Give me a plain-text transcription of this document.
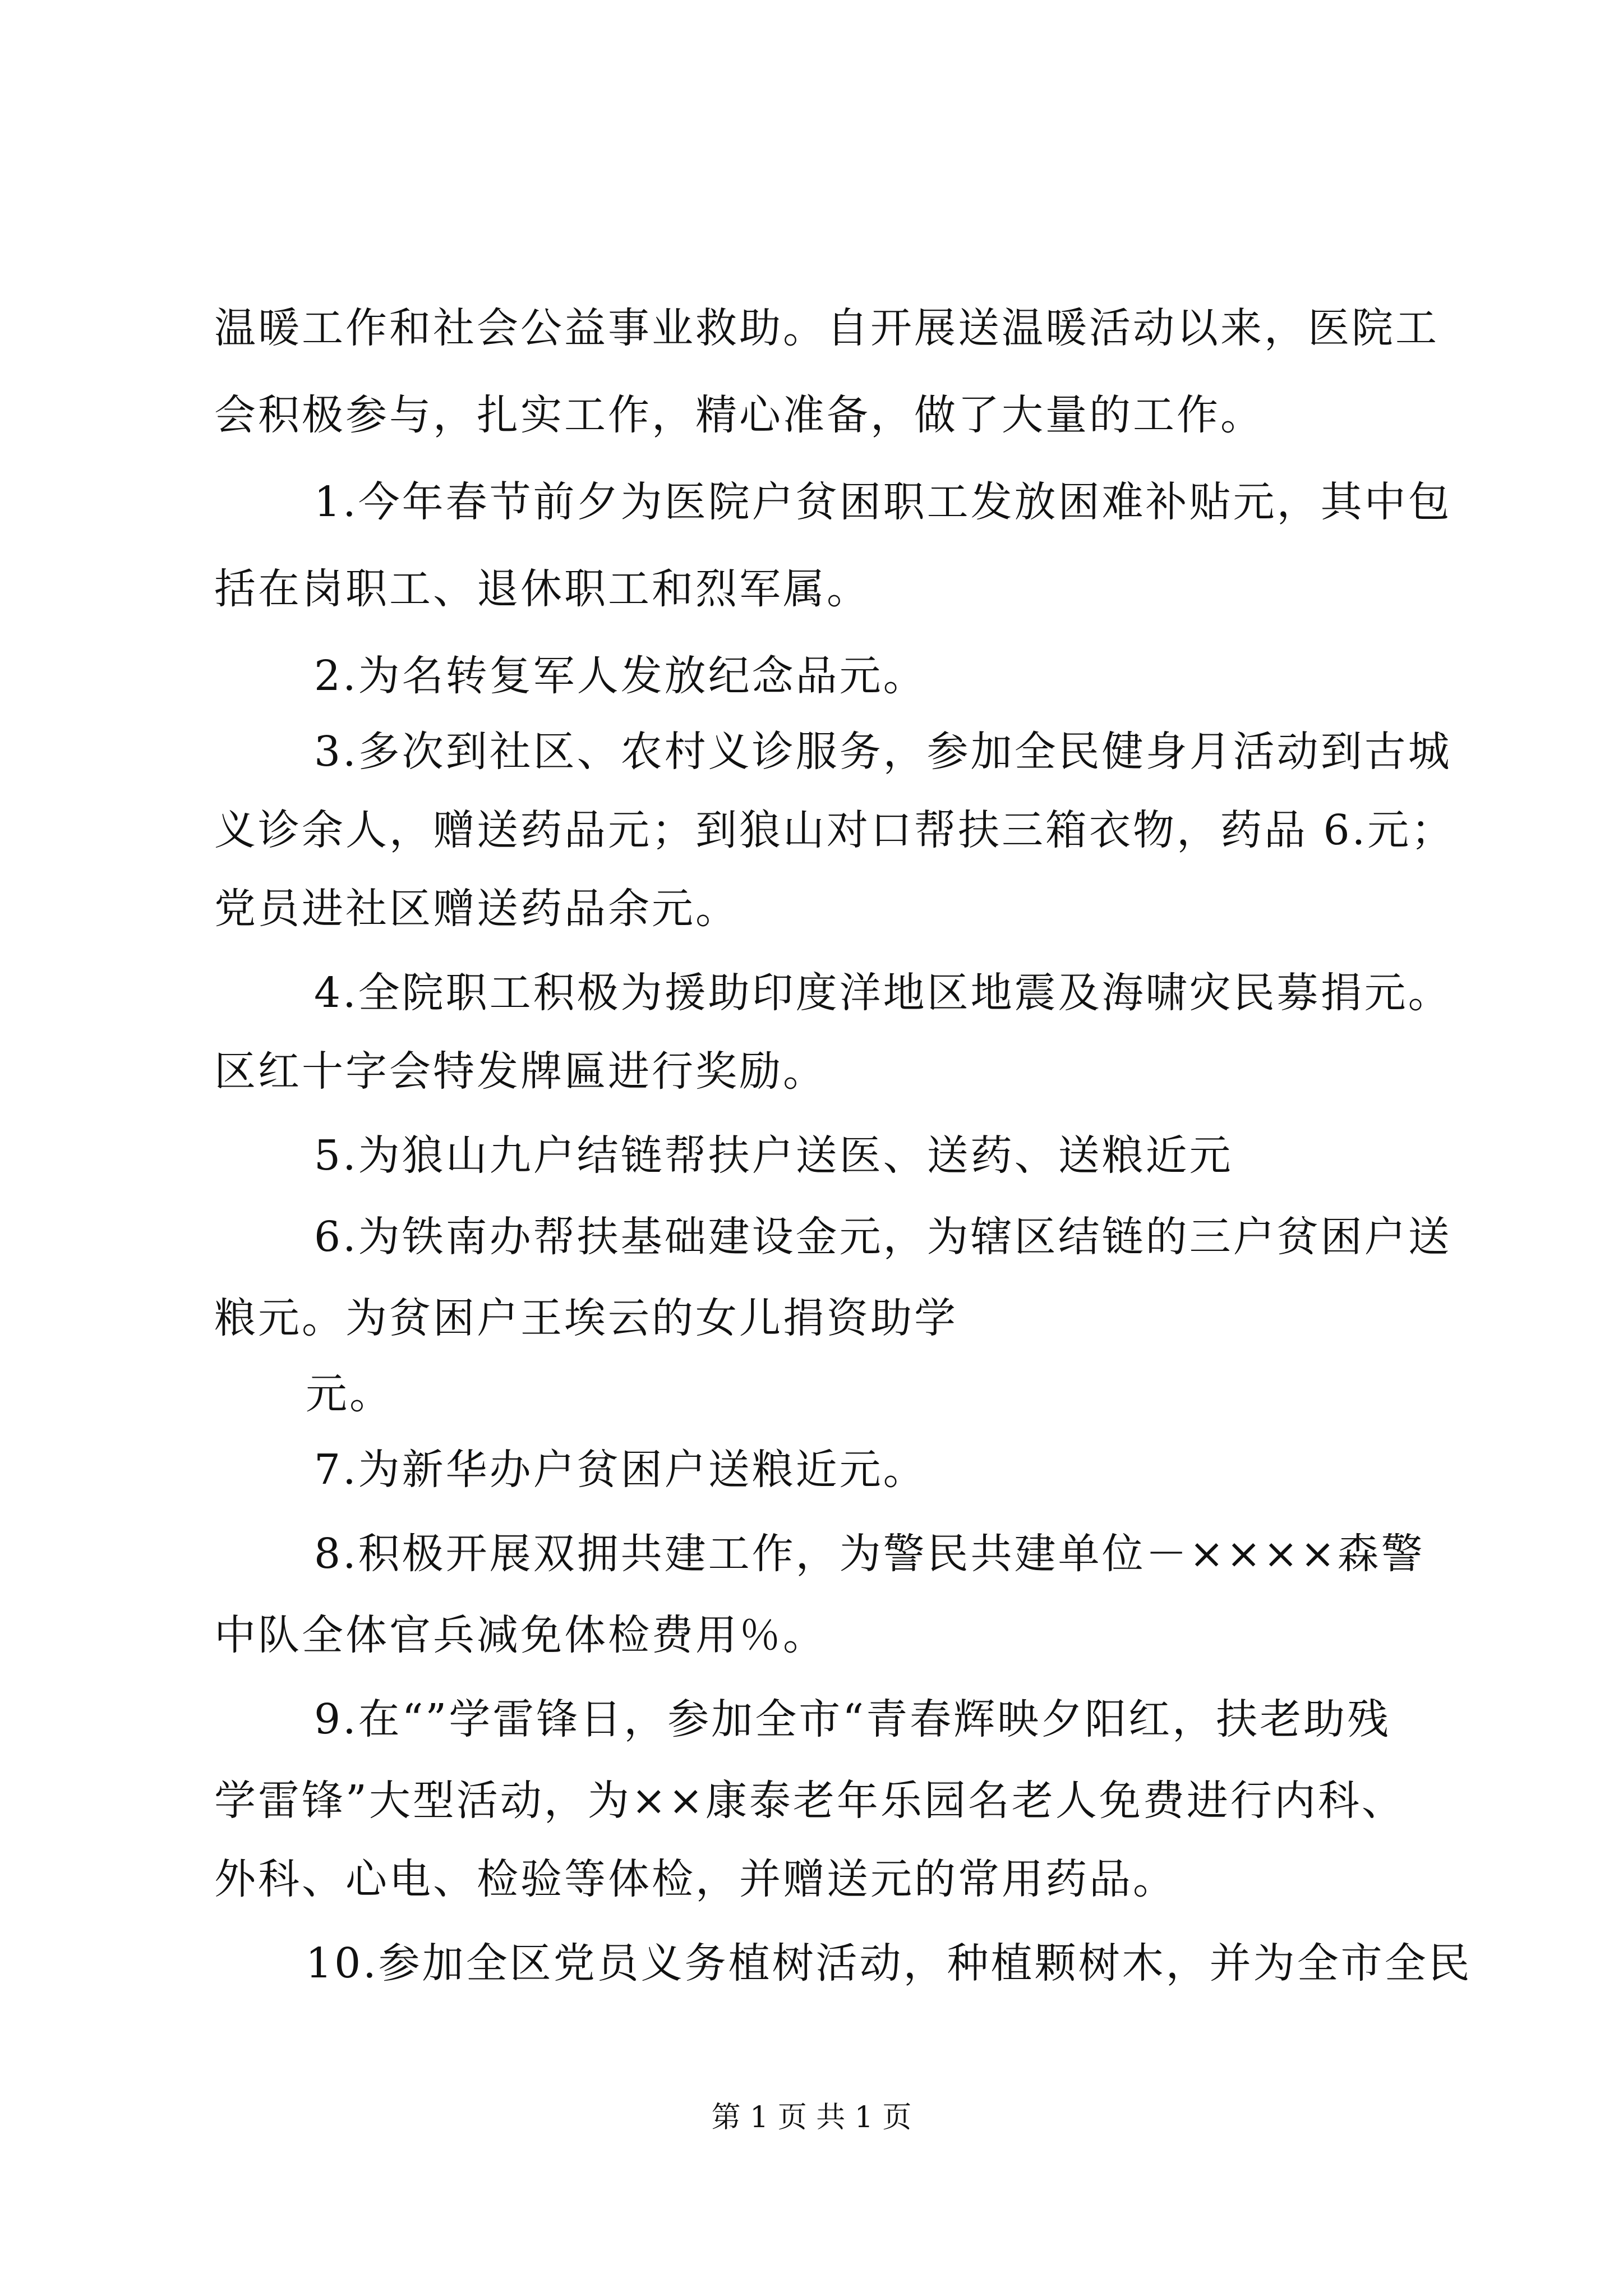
温暖工作和社会公益事业救助。自开展送温暖活动以来，医院工
会积极参与，扎实工作，精心准备，做了大量的工作。
1.今年春节前夕为医院户贫困职工发放困难补贴元，其中包
括在岗职工、退休职工和烈军属。
2.为名转复军人发放纪念品元。
3.多次到社区、农村义诊服务，参加全民健身月活动到古城
义诊余人，赠送药品元；到狼山对口帮扶三箱衣物，药品 6.元；
党员进社区赠送药品余元。
4.全院职工积极为援助印度洋地区地震及海啸灾民募捐元。
区红十字会特发牌匾进行奖励。
5.为狼山九户结链帮扶户送医、送药、送粮近元
6.为铁南办帮扶基础建设金元，为辖区结链的三户贫困户送
粮元。为贫困户王埃云的女儿捐资助学
元。
7.为新华办户贫困户送粮近元。
8.积极开展双拥共建工作，为警民共建单位－××××森警
中队全体官兵减免体检费用％。
9.在“”学雷锋日，参加全市“青春辉映夕阳红，扶老助残
学雷锋”大型活动，为××康泰老年乐园名老人免费进行内科、
外科、心电、检验等体检，并赠送元的常用药品。
10.参加全区党员义务植树活动，种植颗树木，并为全市全民
第 1 页 共 1 页
